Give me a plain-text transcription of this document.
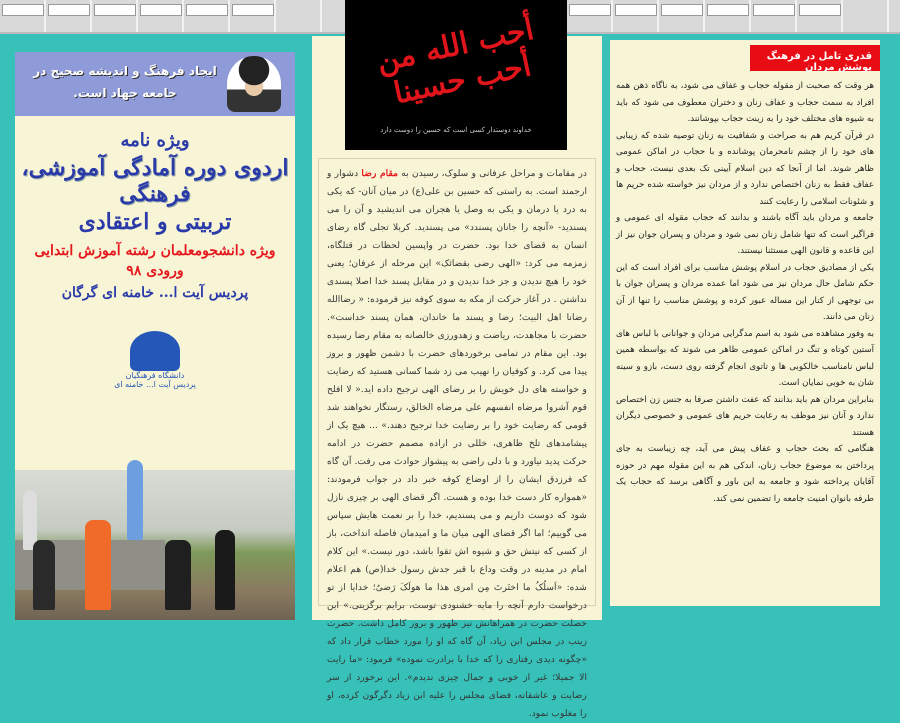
ایجاد فرهنگ و اندیشه صحیح در جامعه جهاد است.
ویژه نامه
اردوی دوره آمادگی آموزشی، فرهنگی
تربیتی و اعتقادی
ویژه دانشجومعلمان رشته آموزش ابتدایی
ورودی ۹۸
پردیس آیت ا... خامنه ای گرگان
دانشگاه فرهنگیان
پردیس آیت ا... خامنه ای
أحب الله من أحب حسينا
خداوند دوستدار کسی است که حسین را دوست دارد
در مقامات و مراحل عرفانی و سلوک، رسیدن به مقام رضا دشوار و ارجمند است. به راستی که حسین بن علی(ع) در میان آنان- که یکی به درد یا درمان و یکی به وصل یا هجران می اندیشید و آن را می پسندید- «آنچه را جانان پسندد» می پسندید. کربلا تجلی گاه رضای انسان به قضای خدا بود. حضرت در واپسین لحظات در قتلگاه، زمزمه می کرد: «الهی رضی بقضائک» این مرحله از عرفان؛ یعنی خود را هیچ ندیدن و جز خدا ندیدن و در مقابل پسند خدا اصلا پسندی نداشتن . در آغاز حرکت از مکه به سوی کوفه نیز فرموده: « رضاالله رضانا اهل البیت؛ رضا و پسند ما خاندان، همان پسند خداست». حضرت با مجاهدت، ریاضت و زهدورزی خالصانه به مقام رضا رسیده بود. این مقام در تمامی برخوردهای حضرت با دشمن ظهور و بروز پیدا می کرد. و کوفیان را نهیب می زد شما کسانی هستید که رضایت و خواسته های دل خویش را بر رضای الهی ترجیح داده اید.« لا افلح قوم آشروا مرضاه انفسهم علی مرضاه الخالق، رستگار نخواهند شد قومی که رضایت خود را بر رضایت خدا ترجیح دهند.» ... هیچ یک از پیشامدهای تلخ ظاهری، خللی در اراده مصمم حضرت در ادامه حرکت پدید نیاورد و با دلی راضی به پیشواز حوادث می رفت. آن گاه که فرزدق ایشان را از اوضاع کوفه خبر داد در جواب فرمودند: «همواره کار دست خدا بوده و هست. اگر قضای الهی بر چیزی نازل شود که دوست داریم و می پسندیم، خدا را بر نعمت هایش سپاس می گوییم؛ اما اگر قضای الهی میان ما و امیدمان فاصله انداخت، باز از کسی که نیتش حق و شیوه اش تقوا باشد، دور نیست.» این کلام امام در مدینه در وقت وداع با قبر جدش رسول خدا(ص) هم اعلام شده: «اَسلُکُ ما اختَرتَ مِن امری هذا ما هولَکَ رَضیٌ؛ خدایا از تو درخواست دارم آنچه را مایه خشنودی توست، برایم برگزینی.» این خصلت حضرت در همراهانش نیز ظهور و بروز کامل داشت. حضرت زینب در مجلس ابن زیاد، آن گاه که او را مورد خطاب قرار داد که «چگونه دیدی رفتاری را که خدا با برادرت نموده» فرمود: «ما رایت الا جمیلا؛ غیر از خوبی و جمال چیزی ندیدم». این برخورد از سر رضایت و عاشقانه، فضای مجلس را علیه ابن زیاد دگرگون کرده، او را مغلوب نمود.
قدری تامل در فرهنگ پوشش مردان

هر وقت که صحبت از مقوله حجاب و عفاف می شود، به ناگاه ذهن همه افراد به سمت حجاب و عفاف زنان و دختران معطوف می شود که باید به شیوه های مختلف خود را به زینت حجاب بپوشانند.

در قرآن کریم هم به صراحت و شفافیت به زنان توصیه شده که زیبایی های خود را از چشم نامحرمان پوشانده و با حجاب در اماکن عمومی ظاهر شوند. اما از آنجا که دین اسلام آیینی تک بعدی نیست، حجاب و عفاف فقط به زنان اختصاص ندارد و از مردان نیز خواسته شده حریم ها و شئونات اسلامی را رعایت کنند

جامعه و مردان باید آگاه باشند و بدانند که حجاب مقوله ای عمومی و فراگیر است که تنها شامل زنان نمی شود و مردان و پسران جوان نیز از این قاعده و قانون الهی مستثنا نیستند.

یکی از مصادیق حجاب در اسلام پوشش مناسب برای افراد است که این حکم شامل حال مردان نیز می شود اما عمده مردان و پسران جوان با بی توجهی از کنار این مساله عبور کرده و پوشش مناسب را تنها از آن زنان می دانند.

به وفور مشاهده می شود به اسم مدگرایی مردان و جوانانی با لباس های آستین کوتاه و تنگ در اماکن عمومی ظاهر می شوند که بواسطه همین لباس نامناسب خالکوبی ها و تاتوی انجام گرفته روی دست، بازو و سینه شان به خوبی نمایان است.

بنابراین مردان هم باید بدانند که عفت داشتن صرفا به جنس زن اختصاص ندارد و آنان نیز موظف به رعایت حریم های عمومی و خصوصی دیگران هستند

هنگامی که بحث حجاب و عفاف پیش می آید، چه زیباست به جای پرداختن به موضوع حجاب زنان، اندکی هم به این مقوله مهم در حوزه آقایان پرداخته شود و جامعه به این باور و آگاهی برسد که حجاب یک طرفه بانوان امنیت جامعه را تضمین نمی کند.
